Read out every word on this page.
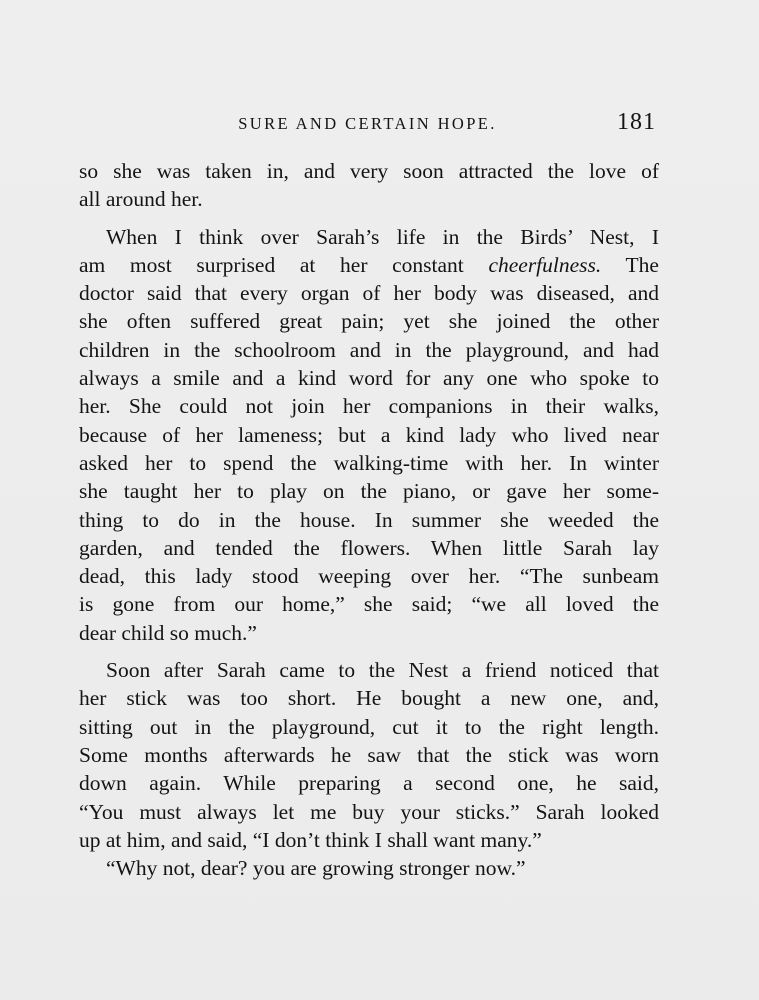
SURE AND CERTAIN HOPE.	181
so she was taken in, and very soon attracted the love of
all around her.
When I think over Sarah’s life in the Birds’ Nest, I
am most surprised at her constant cheerfulness. The
doctor said that every organ of her body was diseased, and
she often suffered great pain; yet she joined the other
children in the schoolroom and in the playground, and had
always a smile and a kind word for any one who spoke to
her. She could not join her companions in their walks,
because of her lameness; but a kind lady who lived near
asked her to spend the walking-time with her. In winter
she taught her to play on the piano, or gave her some-
thing to do in the house. In summer she weeded the
garden, and tended the flowers. When little Sarah lay
dead, this lady stood weeping over her. “The sunbeam
is gone from our home,” she said; “we all loved the
dear child so much.”
Soon after Sarah came to the Nest a friend noticed that
her stick was too short. He bought a new one, and,
sitting out in the playground, cut it to the right length.
Some months afterwards he saw that the stick was worn
down again. While preparing a second one, he said,
“You must always let me buy your sticks.” Sarah looked
up at him, and said, “I don’t think I shall want many.”
“Why not, dear? you are growing stronger now.”
